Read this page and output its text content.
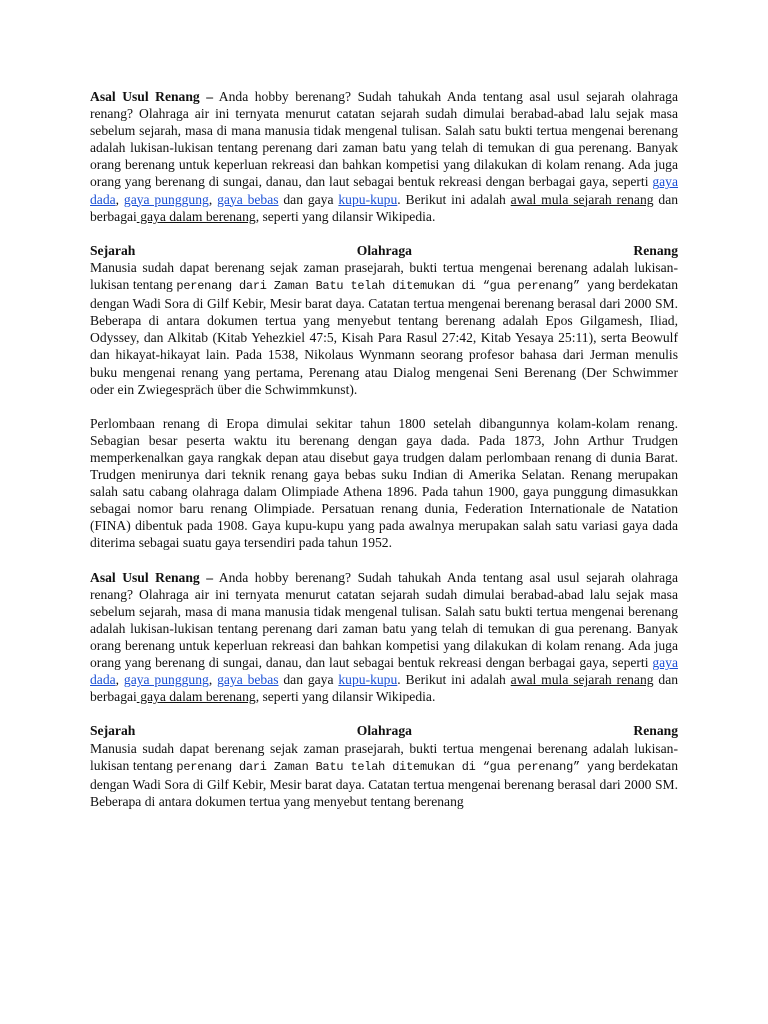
Asal Usul Renang – Anda hobby berenang? Sudah tahukah Anda tentang asal usul sejarah olahraga renang? Olahraga air ini ternyata menurut catatan sejarah sudah dimulai berabad-abad lalu sejak masa sebelum sejarah, masa di mana manusia tidak mengenal tulisan. Salah satu bukti tertua mengenai berenang adalah lukisan-lukisan tentang perenang dari zaman batu yang telah di temukan di gua perenang. Banyak orang berenang untuk keperluan rekreasi dan bahkan kompetisi yang dilakukan di kolam renang. Ada juga orang yang berenang di sungai, danau, dan laut sebagai bentuk rekreasi dengan berbagai gaya, seperti gaya dada, gaya punggung, gaya bebas dan gaya kupu-kupu. Berikut ini adalah awal mula sejarah renang dan berbagai gaya dalam berenang, seperti yang dilansir Wikipedia.

Sejarah	Olahraga	Renang

Manusia sudah dapat berenang sejak zaman prasejarah, bukti tertua mengenai berenang adalah lukisan-lukisan tentang perenang dari Zaman Batu telah ditemukan di “gua perenang” yang berdekatan dengan Wadi Sora di Gilf Kebir, Mesir barat daya. Catatan tertua mengenai berenang berasal dari 2000 SM. Beberapa di antara dokumen tertua yang menyebut tentang berenang adalah Epos Gilgamesh, Iliad, Odyssey, dan Alkitab (Kitab Yehezkiel 47:5, Kisah Para Rasul 27:42, Kitab Yesaya 25:11), serta Beowulf dan hikayat-hikayat lain. Pada 1538, Nikolaus Wynmann seorang profesor bahasa dari Jerman menulis buku mengenai renang yang pertama, Perenang atau Dialog mengenai Seni Berenang (Der Schwimmer oder ein Zwiegespräch über die Schwimmkunst).

Perlombaan renang di Eropa dimulai sekitar tahun 1800 setelah dibangunnya kolam-kolam renang. Sebagian besar peserta waktu itu berenang dengan gaya dada. Pada 1873, John Arthur Trudgen memperkenalkan gaya rangkak depan atau disebut gaya trudgen dalam perlombaan renang di dunia Barat. Trudgen menirunya dari teknik renang gaya bebas suku Indian di Amerika Selatan. Renang merupakan salah satu cabang olahraga dalam Olimpiade Athena 1896. Pada tahun 1900, gaya punggung dimasukkan sebagai nomor baru renang Olimpiade. Persatuan renang dunia, Federation Internationale de Natation (FINA) dibentuk pada 1908. Gaya kupu-kupu yang pada awalnya merupakan salah satu variasi gaya dada diterima sebagai suatu gaya tersendiri pada tahun 1952.

Asal Usul Renang – Anda hobby berenang? Sudah tahukah Anda tentang asal usul sejarah olahraga renang? Olahraga air ini ternyata menurut catatan sejarah sudah dimulai berabad-abad lalu sejak masa sebelum sejarah, masa di mana manusia tidak mengenal tulisan. Salah satu bukti tertua mengenai berenang adalah lukisan-lukisan tentang perenang dari zaman batu yang telah di temukan di gua perenang. Banyak orang berenang untuk keperluan rekreasi dan bahkan kompetisi yang dilakukan di kolam renang. Ada juga orang yang berenang di sungai, danau, dan laut sebagai bentuk rekreasi dengan berbagai gaya, seperti gaya dada, gaya punggung, gaya bebas dan gaya kupu-kupu. Berikut ini adalah awal mula sejarah renang dan berbagai gaya dalam berenang, seperti yang dilansir Wikipedia.

Sejarah	Olahraga	Renang

Manusia sudah dapat berenang sejak zaman prasejarah, bukti tertua mengenai berenang adalah lukisan-lukisan tentang perenang dari Zaman Batu telah ditemukan di “gua perenang” yang berdekatan dengan Wadi Sora di Gilf Kebir, Mesir barat daya. Catatan tertua mengenai berenang berasal dari 2000 SM. Beberapa di antara dokumen tertua yang menyebut tentang berenang
